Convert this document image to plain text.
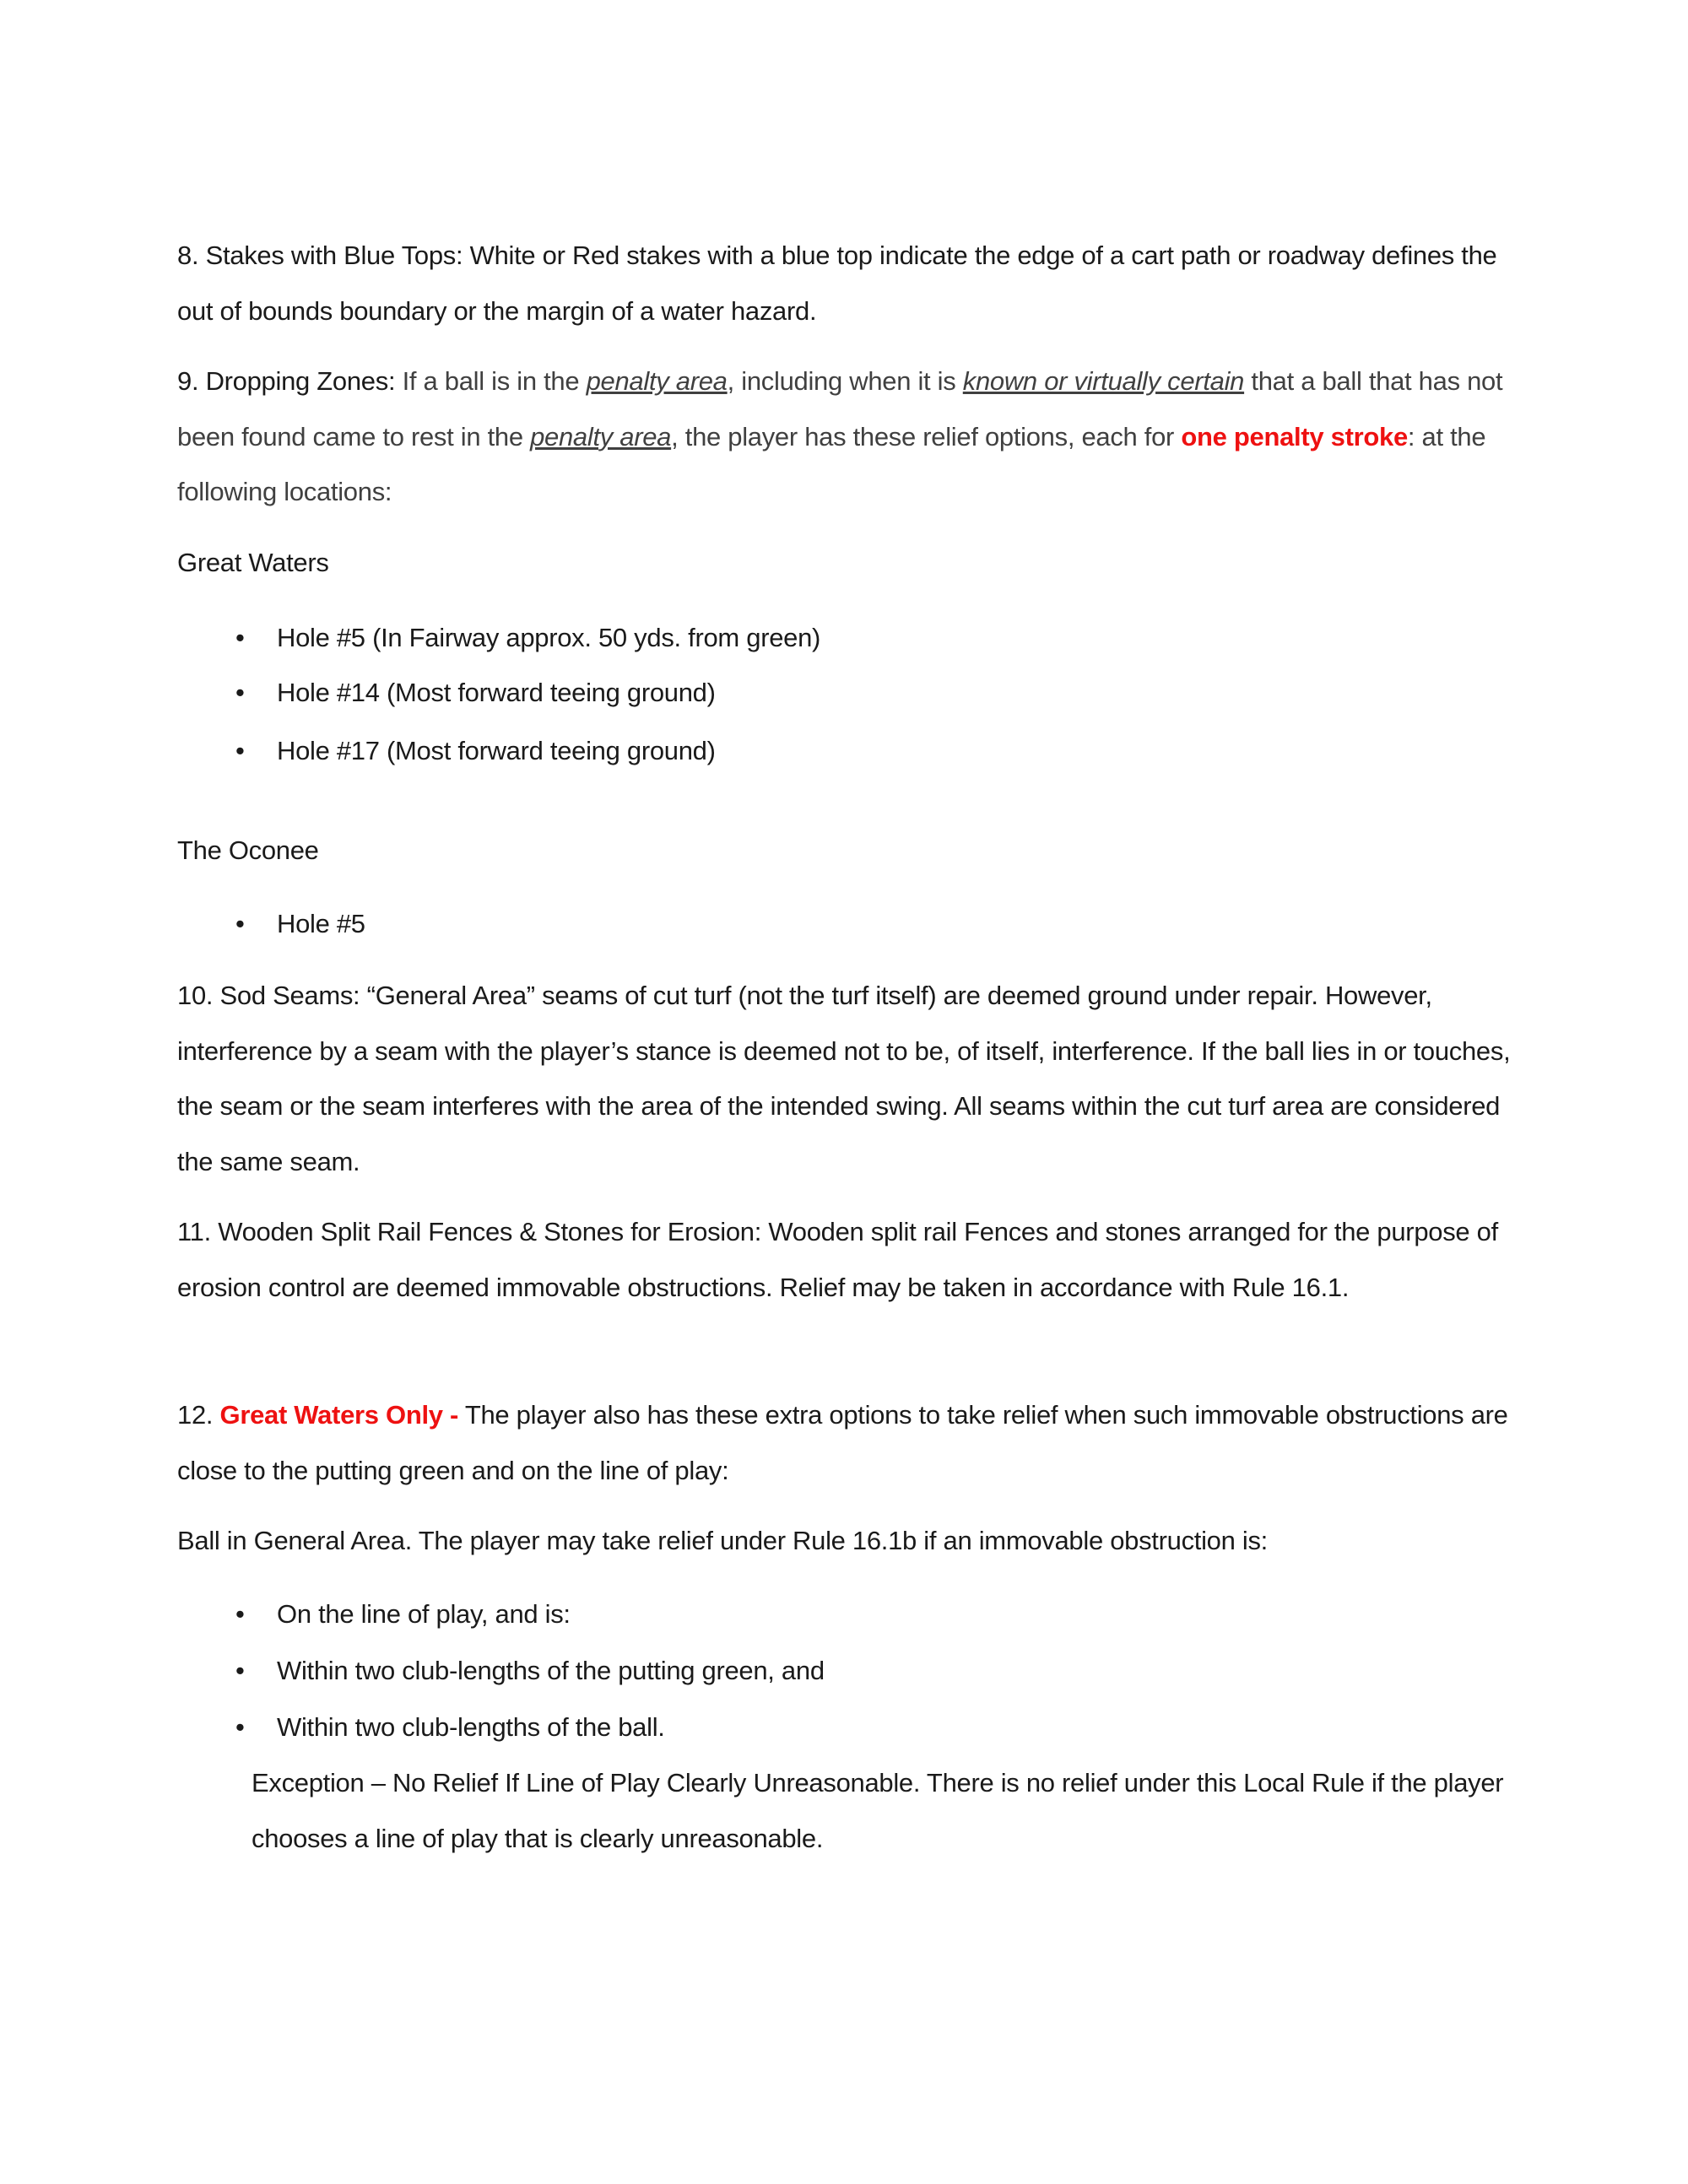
8. Stakes with Blue Tops: White or Red stakes with a blue top indicate the edge of a cart path or roadway defines the out of bounds boundary or the margin of a water hazard.
9. Dropping Zones: If a ball is in the penalty area, including when it is known or virtually certain that a ball that has not been found came to rest in the penalty area, the player has these relief options, each for one penalty stroke: at the following locations:
Great Waters
• Hole #5 (In Fairway approx. 50 yds. from green)
• Hole #14 (Most forward teeing ground)
• Hole #17 (Most forward teeing ground)
The Oconee
• Hole #5
10. Sod Seams: “General Area” seams of cut turf (not the turf itself) are deemed ground under repair. However, interference by a seam with the player’s stance is deemed not to be, of itself, interference. If the ball lies in or touches, the seam or the seam interferes with the area of the intended swing. All seams within the cut turf area are considered the same seam.
11. Wooden Split Rail Fences & Stones for Erosion: Wooden split rail Fences and stones arranged for the purpose of erosion control are deemed immovable obstructions. Relief may be taken in accordance with Rule 16.1.
12. Great Waters Only - The player also has these extra options to take relief when such immovable obstructions are close to the putting green and on the line of play:
Ball in General Area. The player may take relief under Rule 16.1b if an immovable obstruction is:
• On the line of play, and is:
• Within two club-lengths of the putting green, and
• Within two club-lengths of the ball.
Exception – No Relief If Line of Play Clearly Unreasonable. There is no relief under this Local Rule if the player chooses a line of play that is clearly unreasonable.
